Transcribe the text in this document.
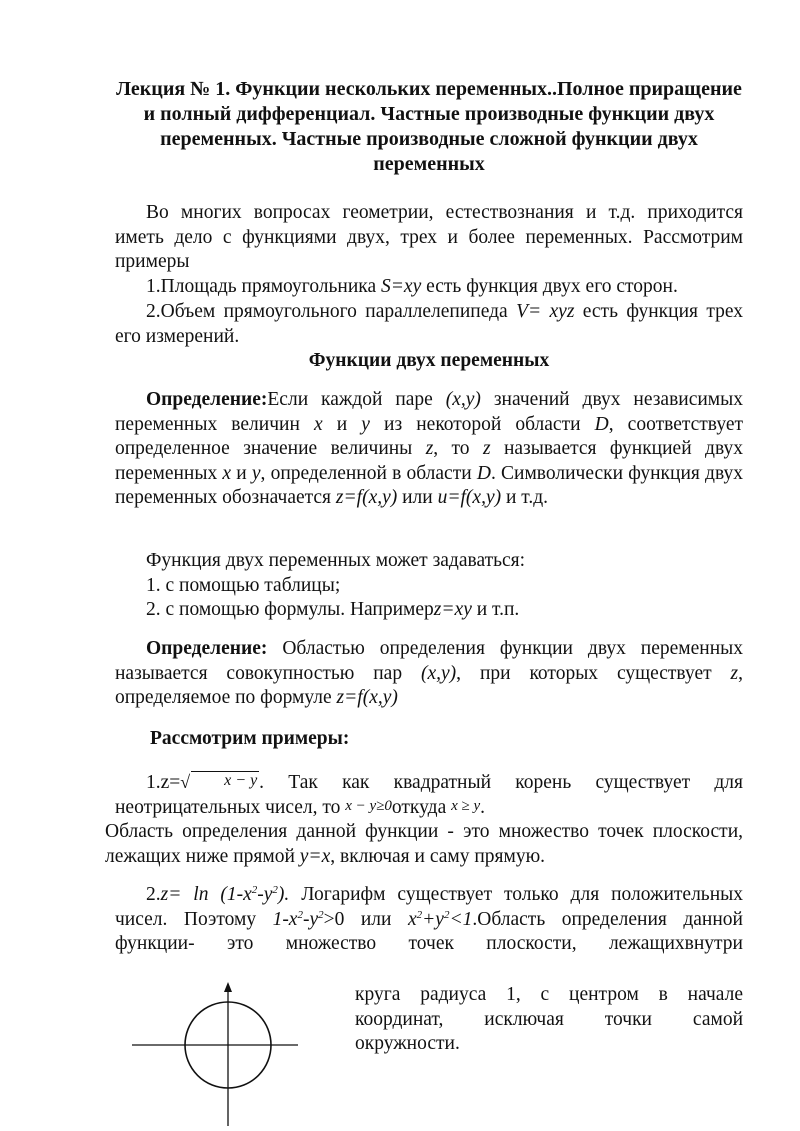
Лекция № 1. Функции нескольких переменных..Полное приращение и полный дифференциал. Частные производные функции двух переменных. Частные производные сложной функции двух переменных
Во многих вопросах геометрии, естествознания и т.д. приходится иметь дело с функциями двух, трех и более переменных. Рассмотрим примеры
1.Площадь прямоугольника S=xy есть функция двух его сторон.
2.Объем прямоугольного параллелепипеда V= xyz есть функция трех его измерений.
Функции двух переменных
Определение:Если каждой паре (x,y) значений двух независимых переменных величин x и y из некоторой области D, соответствует определенное значение величины z, то z называется функцией двух переменных x и y, определенной в области D. Символически функция двух переменных обозначается z=f(x,y) или u=f(x,y) и т.д.
Функция двух переменных может задаваться:
1. с помощью таблицы;
2. с помощью формулы. Напримерz=xy и т.п.
Определение: Областью определения функции двух переменных называется совокупностью пар (x,y), при которых существует z, определяемое по формуле z=f(x,y)
Рассмотрим примеры:
1.z=√ x − y . Так как квадратный корень существует для неотрицательных чисел, то x − y≥0откуда x ≥ y.
Область определения данной функции - это множество точек плоскости, лежащих ниже прямой y=x, включая и саму прямую.
$2.z= \ln (1-x^2-y^2)$. Логарифм существует только для положительных чисел. Поэтому $1-x^2-y^2>0$ или $x^2+y^2<1.Область$ определения данной функции- это множество точек плоскости, лежащихвнутри
круга радиуса 1, с центром в начале координат, исключая точки самой окружности.
